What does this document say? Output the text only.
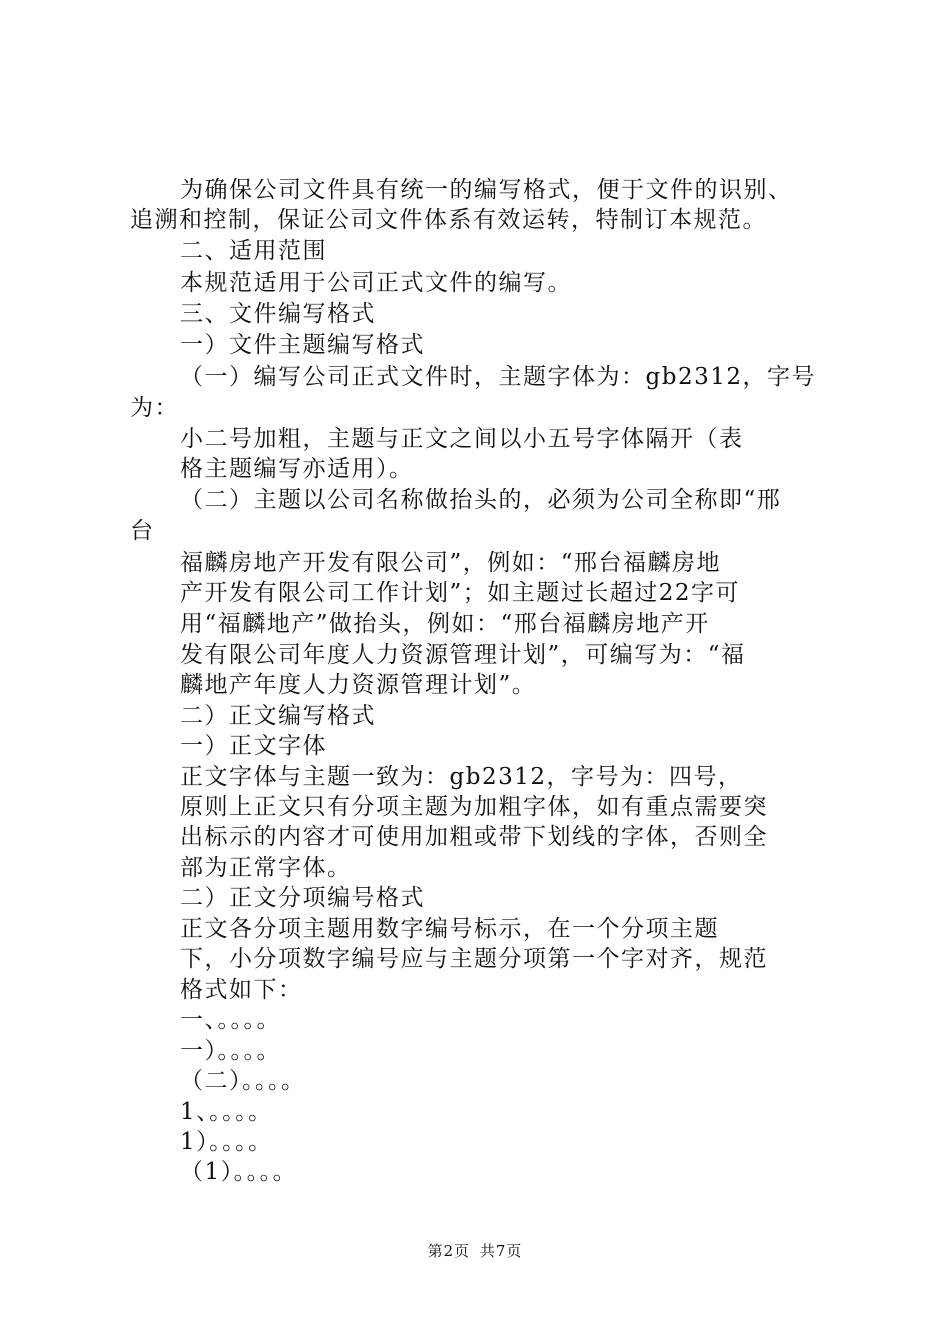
为确保公司文件具有统一的编写格式，便于文件的识别、
追溯和控制，保证公司文件体系有效运转，特制订本规范。
二、适用范围
本规范适用于公司正式文件的编写。
三、文件编写格式
一）文件主题编写格式
（一）编写公司正式文件时，主题字体为：gb2312，字号
为：
小二号加粗，主题与正文之间以小五号字体隔开（表
格主题编写亦适用）。
（二）主题以公司名称做抬头的，必须为公司全称即“邢
台
福麟房地产开发有限公司”，例如：“邢台福麟房地
产开发有限公司工作计划”；如主题过长超过22字可
用“福麟地产”做抬头，例如：“邢台福麟房地产开
发有限公司年度人力资源管理计划”，可编写为：“福
麟地产年度人力资源管理计划”。
二）正文编写格式
一）正文字体
正文字体与主题一致为：gb2312，字号为：四号，
原则上正文只有分项主题为加粗字体，如有重点需要突
出标示的内容才可使用加粗或带下划线的字体，否则全
部为正常字体。
二）正文分项编号格式
正文各分项主题用数字编号标示，在一个分项主题
下，小分项数字编号应与主题分项第一个字对齐，规范
格式如下：
一、。。。。
一）。。。。
（二）。。。。
1、。。。。
1）。。。。
（1）。。。。
第2页 共7页
